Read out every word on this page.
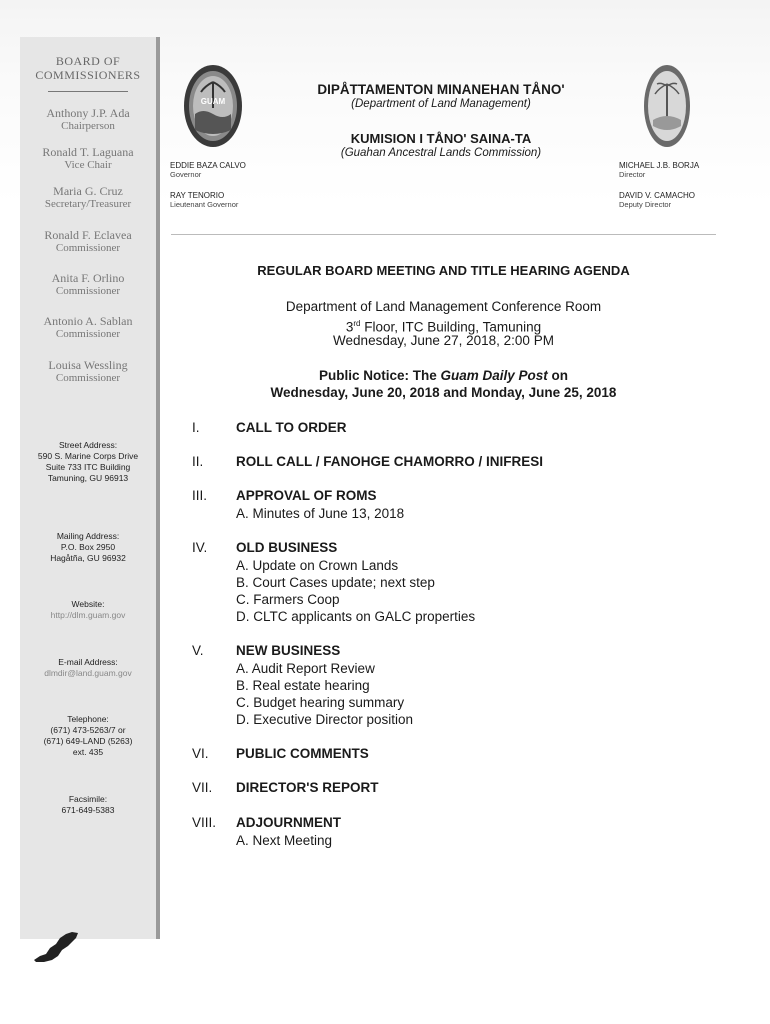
BOARD OF
COMMISSIONERS
Anthony J.P. Ada
Chairperson
Ronald T. Laguana
Vice Chair
Maria G. Cruz
Secretary/Treasurer
Ronald F. Eclavea
Commissioner
Anita F. Orlino
Commissioner
Antonio A. Sablan
Commissioner
Louisa Wessling
Commissioner
Street Address:
590 S. Marine Corps Drive
Suite 733 ITC Building
Tamuning, GU 96913
Mailing Address:
P.O. Box 2950
Hagåtña, GU 96932
Website:
http://dlm.guam.gov
E-mail Address:
dlmdir@land.guam.gov
Telephone:
(671) 473-5263/7 or
(671) 649-LAND (5263)
ext. 435
Facsimile:
671-649-5383
GUAM
DIPÅTTAMENTON MINANEHAN TÅNO'
(Department of Land Management)
KUMISION I TÅNO' SAINA-TA
(Guahan Ancestral Lands Commission)
EDDIE BAZA CALVO
Governor
RAY TENORIO
Lieutenant Governor
MICHAEL J.B. BORJA
Director
DAVID V. CAMACHO
Deputy Director
REGULAR BOARD MEETING AND TITLE HEARING AGENDA
Department of Land Management Conference Room
3rd Floor, ITC Building, Tamuning
Wednesday, June 27, 2018, 2:00 PM
Public Notice: The Guam Daily Post on
Wednesday, June 20, 2018 and Monday, June 25, 2018
I.	CALL TO ORDER
II. ROLL CALL / FANOHGE CHAMORRO / INIFRESI
III. APPROVAL OF ROMS
A. Minutes of June 13, 2018
IV. OLD BUSINESS
A. Update on Crown Lands
B. Court Cases update; next step
C. Farmers Coop
D. CLTC applicants on GALC properties
V. NEW BUSINESS
A. Audit Report Review
B. Real estate hearing
C. Budget hearing summary
D. Executive Director position
VI. PUBLIC COMMENTS
VII. DIRECTOR'S REPORT
VIII. ADJOURNMENT
A. Next Meeting
